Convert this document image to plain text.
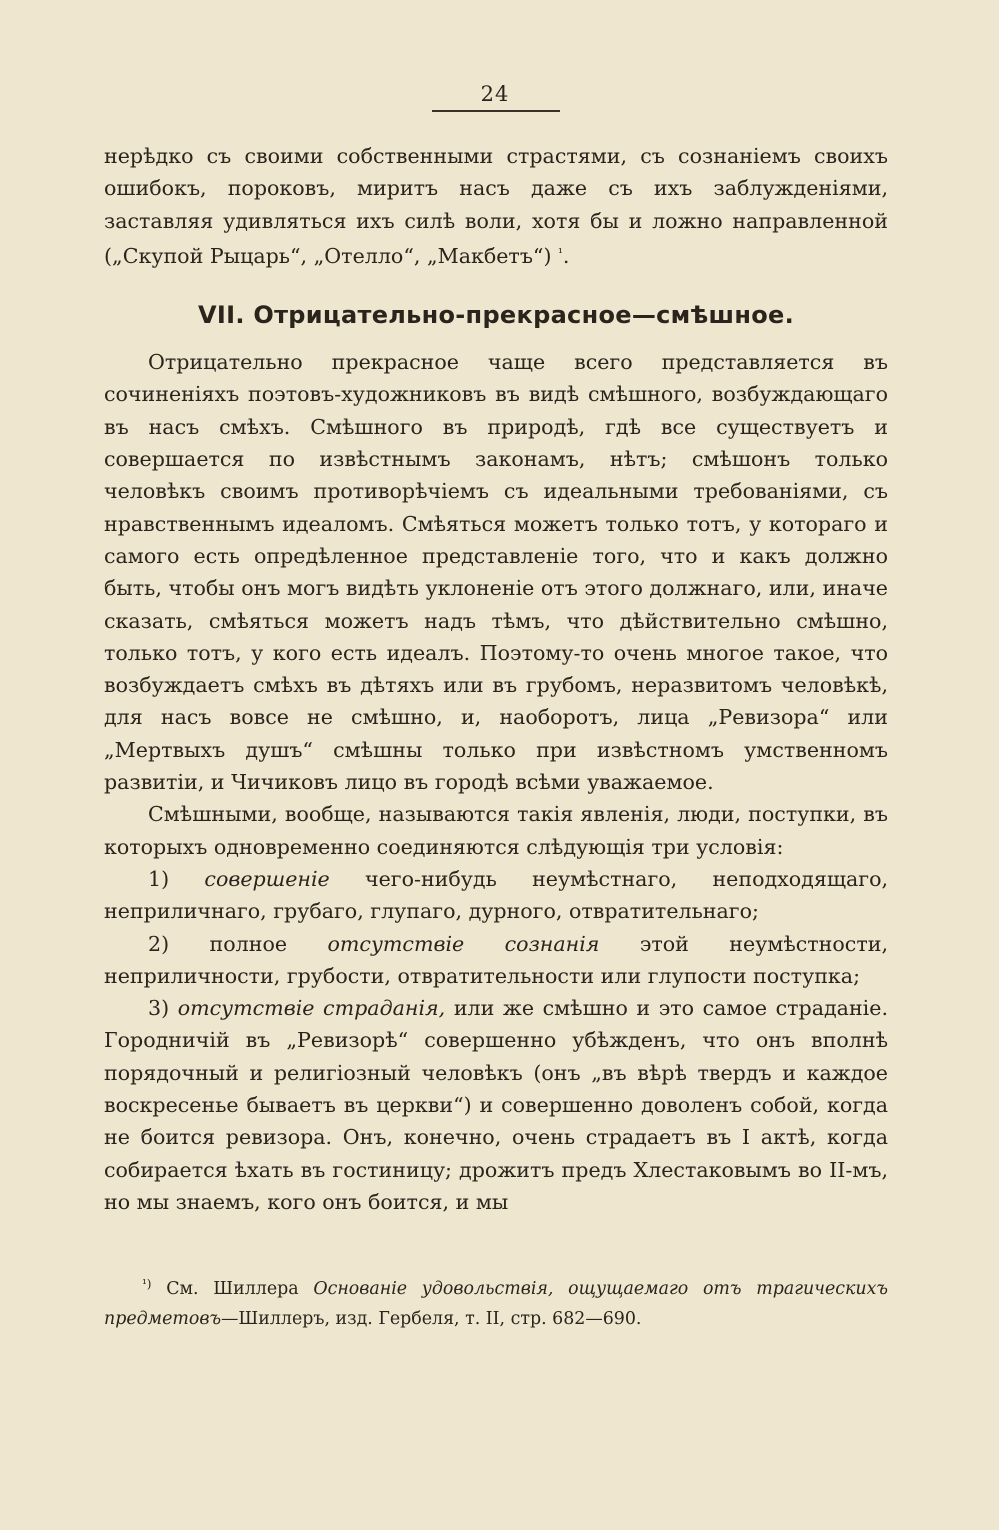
24

нерѣдко съ своими собственными страстями, съ сознаніемъ своихъ ошибокъ, пороковъ, миритъ насъ даже съ ихъ заблужденіями, заставляя удивляться ихъ силѣ воли, хотя бы и ложно направленной („Скупой Рыцарь“, „Отелло“, „Макбетъ“) $^{^1}$.

VII. Отрицательно-прекрасное—смѣшное.

Отрицательно прекрасное чаще всего представляется въ сочиненіяхъ поэтовъ-художниковъ въ видѣ смѣшного, возбуждающаго въ насъ смѣхъ. Смѣшного въ природѣ, гдѣ все существуетъ и совершается по извѣстнымъ законамъ, нѣтъ; смѣшонъ только человѣкъ своимъ противорѣчіемъ съ идеальными требованіями, съ нравственнымъ идеаломъ. Смѣяться можетъ только тотъ, у котораго и самого есть опредѣленное представленіе того, что и какъ должно быть, чтобы онъ могъ видѣть уклоненіе отъ этого должнаго, или, иначе сказать, смѣяться можетъ надъ тѣмъ, что дѣйствительно смѣшно, только тотъ, у кого есть идеалъ. Поэтому-то очень многое такое, что возбуждаетъ смѣхъ въ дѣтяхъ или въ грубомъ, неразвитомъ человѣкѣ, для насъ вовсе не смѣшно, и, наоборотъ, лица „Ревизора“ или „Мертвыхъ душъ“ смѣшны только при извѣстномъ умственномъ развитіи, и Чичиковъ лицо въ городѣ всѣми уважаемое.

Смѣшными, вообще, называются такія явленія, люди, поступки, въ которыхъ одновременно соединяются слѣдующія три условія:

1) совершеніе чего-нибудь неумѣстнаго, неподходящаго, неприличнаго, грубаго, глупаго, дурного, отвратительнаго;

2) полное отсутствіе сознанія этой неумѣстности, неприличности, грубости, отвратительности или глупости поступка;

3) отсутствіе страданія, или же смѣшно и это самое страданіе. Городничій въ „Ревизорѣ“ совершенно убѣжденъ, что онъ вполнѣ порядочный и религіозный человѣкъ (онъ „въ вѣрѣ твердъ и каждое воскресенье бываетъ въ церкви“) и совершенно доволенъ собой, когда не боится ревизора. Онъ, конечно, очень страдаетъ въ I актѣ, когда собирается ѣхать въ гостиницу; дрожитъ предъ Хлестаковымъ во II-мъ, но мы знаемъ, кого онъ боится, и мы

$^{^1)}$ См. Шиллера Основаніе удовольствія, ощущаемаго отъ трагическихъ предметовъ—Шиллеръ, изд. Гербеля, т. II, стр. 682—690.
